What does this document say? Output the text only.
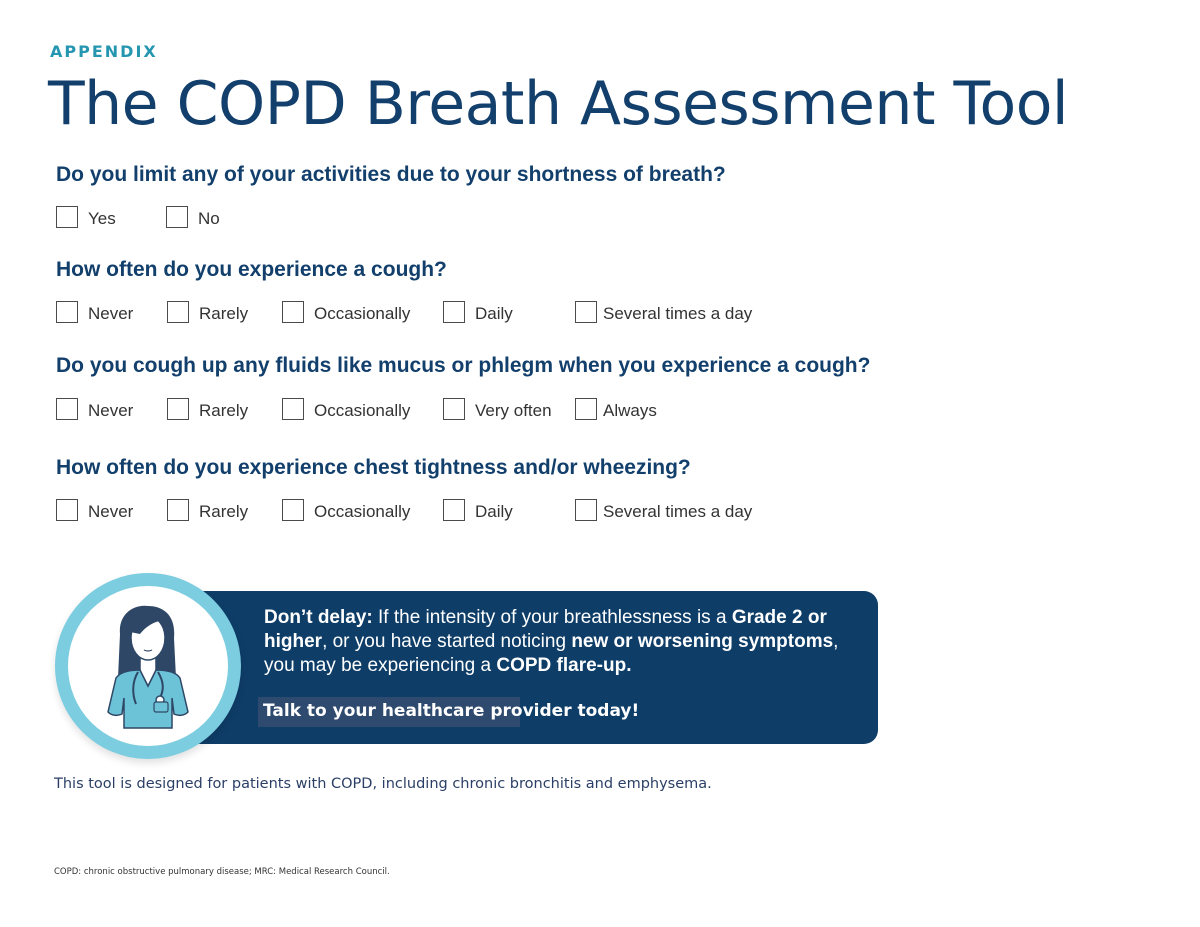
APPENDIX
The COPD Breath Assessment Tool
Do you limit any of your activities due to your shortness of breath?
Yes	No
How often do you experience a cough?
Never	Rarely	Occasionally	Daily	Several times a day
Do you cough up any fluids like mucus or phlegm when you experience a cough?
Never	Rarely	Occasionally	Very often	Always
How often do you experience chest tightness and/or wheezing?
Never	Rarely	Occasionally	Daily	Several times a day
Don’t delay: If the intensity of your breathlessness is a Grade 2 or higher, or you have started noticing new or worsening symptoms, you may be experiencing a COPD flare-up.
Talk to your healthcare provider today!
This tool is designed for patients with COPD, including chronic bronchitis and emphysema.
COPD: chronic obstructive pulmonary disease; MRC: Medical Research Council.
